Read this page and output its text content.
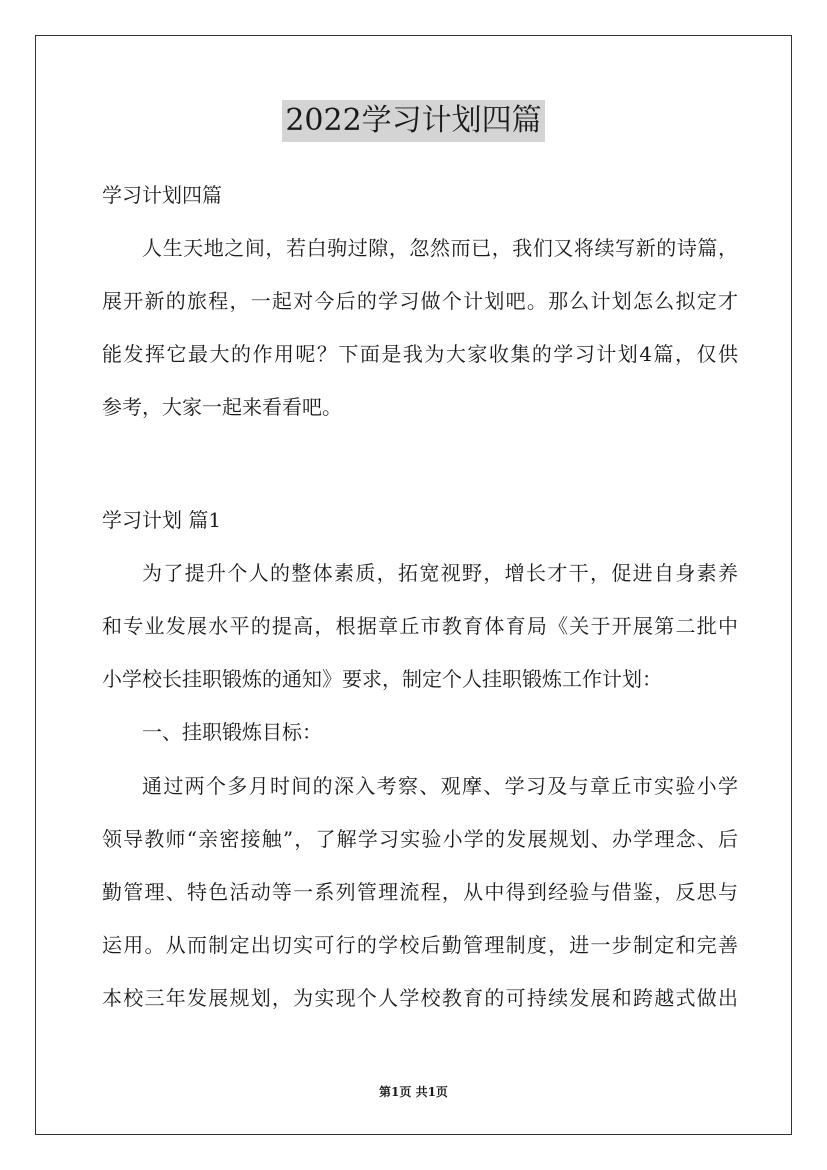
2022学习计划四篇
学习计划四篇
人生天地之间，若白驹过隙，忽然而已，我们又将续写新的诗篇，
展开新的旅程，一起对今后的学习做个计划吧。那么计划怎么拟定才
能发挥它最大的作用呢？下面是我为大家收集的学习计划4篇，仅供
参考，大家一起来看看吧。
学习计划 篇1
为了提升个人的整体素质，拓宽视野，增长才干，促进自身素养
和专业发展水平的提高，根据章丘市教育体育局《关于开展第二批中
小学校长挂职锻炼的通知》要求，制定个人挂职锻炼工作计划：
一、挂职锻炼目标：
通过两个多月时间的深入考察、观摩、学习及与章丘市实验小学
领导教师“亲密接触”，了解学习实验小学的发展规划、办学理念、后
勤管理、特色活动等一系列管理流程，从中得到经验与借鉴，反思与
运用。从而制定出切实可行的学校后勤管理制度，进一步制定和完善
本校三年发展规划，为实现个人学校教育的可持续发展和跨越式做出
第1页 共1页
